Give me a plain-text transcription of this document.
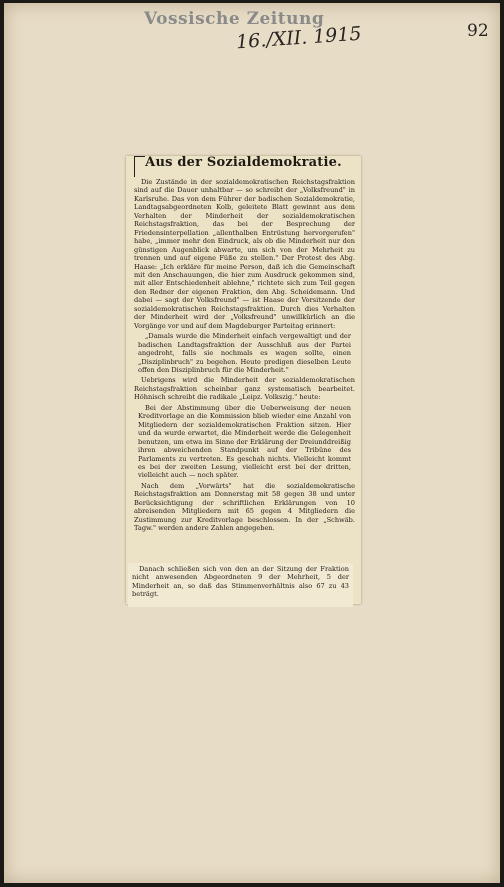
Vossische Zeitung
16./XII. 1915	92
Aus der Sozialdemokratie.

Die Zustände in der sozialdemokratischen Reichstagsfraktion sind auf die Dauer unhaltbar — so schreibt der „Volksfreund" in Karlsruhe. Das von dem Führer der badischen Sozialdemokratie, Landtagsabgeordneten Kolb, geleitete Blatt gewinnt aus dem Verhalten der Minderheit der sozialdemokratischen Reichstagsfraktion, das bei der Besprechung der Friedensinterpellation „allenthalben Entrüstung hervorgerufen" habe, „immer mehr den Eindruck, als ob die Minderheit nur den günstigen Augenblick abwarte, um sich von der Mehrheit zu trennen und auf eigene Füße zu stellen." Der Protest des Abg. Haase: „Ich erkläre für meine Person, daß ich die Gemeinschaft mit den Anschauungen, die hier zum Ausdruck gekommen sind, mit aller Entschiedenheit ablehne," richtete sich zum Teil gegen den Redner der eigenen Fraktion, den Abg. Scheidemann. Und dabei — sagt der Volksfreund" — ist Haase der Vorsitzende der sozialdemokratischen Reichstagsfraktion. Durch dies Verhalten der Minderheit wird der „Volksfreund" unwillkürlich an die Vorgänge vor und auf dem Magdeburger Parteitag erinnert:

„Damals wurde die Minderheit einfach vergewaltigt und der badischen Landtagsfraktion der Ausschluß aus der Partei angedroht, falls sie nochmals es wagen sollte, einen „Disziplinbruch" zu begehen. Heute predigen dieselben Leute offen den Disziplinbruch für die Minderheit."

Uebrigens wird die Minderheit der sozialdemokratischen Reichstagsfraktion scheinbar ganz systematisch bearbeitet. Höhnisch schreibt die radikale „Leipz. Volkszig." heute:

Bei der Abstimmung über die Ueberweisung der neuen Kreditvorlage an die Kommission blieb wieder eine Anzahl von Mitgliedern der sozialdemokratischen Fraktion sitzen. Hier und da wurde erwartet, die Minderheit werde die Gelegenheit benutzen, um etwa im Sinne der Erklärung der Dreiunddreißig ihren abweichenden Standpunkt auf der Tribüne des Parlaments zu vertreten. Es geschah nichts. Vielleicht kommt es bei der zweiten Lesung, vielleicht erst bei der dritten, vielleicht auch — noch später.

Nach dem „Vorwärts" hat die sozialdemokratische Reichstagsfraktion am Donnerstag mit 58 gegen 38 und unter Berücksichtigung der schriftlichen Erklärungen von 10 abreisenden Mitgliedern mit 65 gegen 4 Mitgliedern die Zustimmung zur Kreditvorlage beschlossen. In der „Schwäb. Tagw." werden andere Zahlen angegeben.

Danach schließen sich von den an der Sitzung der Fraktion nicht anwesenden Abgeordneten 9 der Mehrheit, 5 der Minderheit an, so daß das Stimmenverhältnis also 67 zu 43 beträgt.
